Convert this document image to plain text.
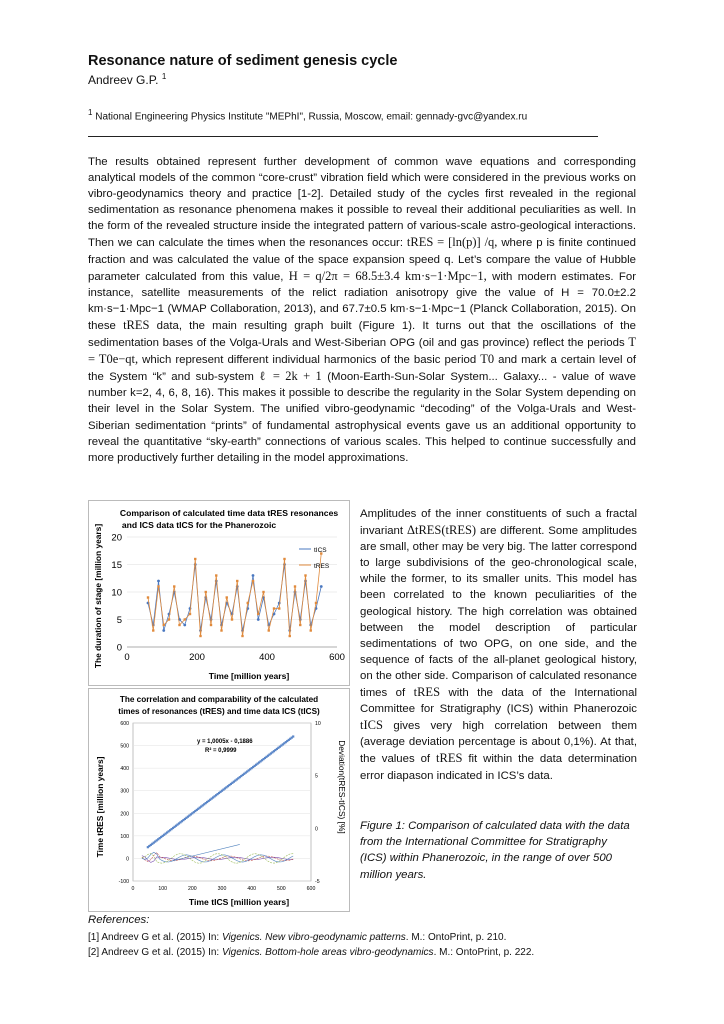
Resonance nature of sediment genesis cycle
Andreev G.P. $^1$
$^1$ National Engineering Physics Institute "MEPhI", Russia, Moscow, email: gennady-gvc@yandex.ru

The results obtained represent further development of common wave equations and corresponding analytical models of the common “core-crust” vibration field which were considered in the previous works on vibro-geodynamics theory and practice [1-2]. Detailed study of the cycles first revealed in the regional sedimentation as resonance phenomena makes it possible to reveal their additional peculiarities as well. In the form of the revealed structure inside the integrated pattern of various-scale astro-geological interactions. Then we can calculate the times when the resonances occur: tRES = [ln(p)] /q, where p is finite continued fraction and was calculated the value of the space expansion speed q. Let’s compare the value of Hubble parameter calculated from this value, H = q/2π = 68.5±3.4 km·s−1·Mpc−1, with modern estimates. For instance, satellite measurements of the relict radiation anisotropy give the value of H = 70.0±2.2 km·s−1·Mpc−1 (WMAP Collaboration, 2013), and 67.7±0.5 km·s−1·Mpc−1 (Planck Collaboration, 2015). On these tRES data, the main resulting graph built (Figure 1). It turns out that the oscillations of the sedimentation bases of the Volga-Urals and West-Siberian OPG (oil and gas province) reflect the periods T = T0e−qt, which represent different individual harmonics of the basic period T0 and mark a certain level of the System “k” and sub-system ℓ = 2k + 1 (Moon-Earth-Sun-Solar System... Galaxy... - value of wave number k=2, 4, 6, 8, 16). This makes it possible to describe the regularity in the Solar System depending on their level in the Solar System. The unified vibro-geodynamic “decoding” of the Volga-Urals and West-Siberian sedimentation “prints” of fundamental astrophysical events gave us an additional opportunity to reveal the quantitative “sky-earth” connections of various scales. This helped to continue successfully and more productively further detailing in the model approximations.

Comparison of calculated time data tRES resonances
and ICS data tICS for the Phanerozoic
0
5
10
15
20
0	200	400	600
Time [million years]
The duration of stage [million years]	tICS
tRES
The correlation and comparability of the calculated
times of resonances (tRES) and time data ICS (tICS)
-100
0
100
200
300
400
500
600
0	100	200	300	400	500	600
-5
0
5
10
y = 1,0005x - 0,1886
R² = 0,9999
Time tICS [million years]
Time tRES [million years]	Deviation(tRES-tICS) [%]

Amplitudes of the inner constituents of such a fractal invariant ΔtRES(tRES) are different. Some amplitudes are small, other may be very big. The latter correspond to large subdivisions of the geo-chronological scale, while the former, to its smaller units. This model has been correlated to the known peculiarities of the geological history. The high correlation was obtained between the model description of particular sedimentations of two OPG, on one side, and the sequence of facts of the all-planet geological history, on the other side. Comparison of calculated resonance times of tRES with the data of the International Committee for Stratigraphy (ICS) within Phanerozoic tICS gives very high correlation between them (average deviation percentage is about 0,1%). At that, the values of tRES fit within the data determination error diapason indicated in ICS’s data.

Figure 1: Comparison of calculated data with the data from the International Committee for Stratigraphy (ICS) within Phanerozoic, in the range of over 500 million years.
References:
[1] Andreev G et al. (2015) In: Vigenics. New vibro-geodynamic patterns. M.: OntoPrint, p. 210.
[2] Andreev G et al. (2015) In: Vigenics. Bottom-hole areas vibro-geodynamics. M.: OntoPrint, p. 222.
